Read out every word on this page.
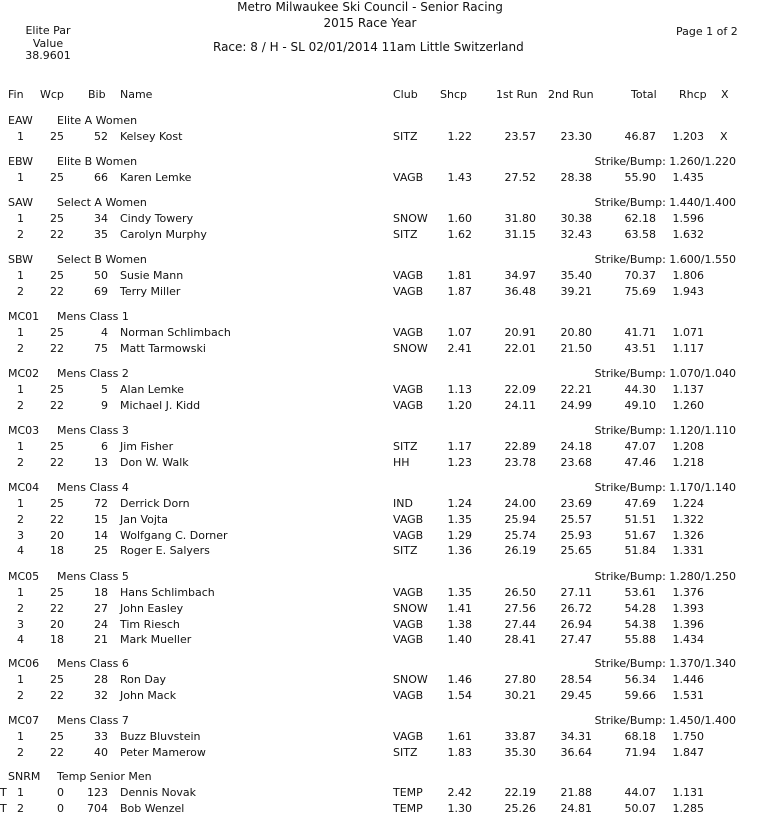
Metro Milwaukee Ski Council - Senior Racing
2015 Race Year
Race: 8 / H - SL 02/01/2014 11am Little Switzerland
Elite Par
Value
38.9601
Page 1 of 2
Fin Wcp Bib Name	Club Shcp	1st Run 2nd Run	Total Rhcp X
EAW Elite A Women
1	25	52 Kelsey Kost	SITZ	1.22	23.57	23.30	46.87 1.203 X
EBW Elite B Women	Strike/Bump: 1.260/1.220
1	25	66 Karen Lemke	VAGB	1.43	27.52	28.38	55.90 1.435
SAW Select A Women	Strike/Bump: 1.440/1.400
1	25	34 Cindy Towery	SNOW	1.60	31.80	30.38	62.18 1.596
2	22	35 Carolyn Murphy	SITZ	1.62	31.15	32.43	63.58 1.632
SBW Select B Women	Strike/Bump: 1.600/1.550
1	25	50 Susie Mann	VAGB	1.81	34.97	35.40	70.37 1.806
2	22	69 Terry Miller	VAGB	1.87	36.48	39.21	75.69 1.943
MC01 Mens Class 1
1	25	4 Norman Schlimbach	VAGB	1.07	20.91	20.80	41.71 1.071
2	22	75 Matt Tarmowski	SNOW	2.41	22.01	21.50	43.51 1.117
MC02 Mens Class 2	Strike/Bump: 1.070/1.040
1	25	5 Alan Lemke	VAGB	1.13	22.09	22.21	44.30 1.137
2	22	9 Michael J. Kidd	VAGB	1.20	24.11	24.99	49.10 1.260
MC03 Mens Class 3	Strike/Bump: 1.120/1.110
1	25	6 Jim Fisher	SITZ	1.17	22.89	24.18	47.07 1.208
2	22	13 Don W. Walk	HH	1.23	23.78	23.68	47.46 1.218
MC04 Mens Class 4	Strike/Bump: 1.170/1.140
1	25	72 Derrick Dorn	IND	1.24	24.00	23.69	47.69 1.224
2	22	15 Jan Vojta	VAGB	1.35	25.94	25.57	51.51 1.322
3	20	14 Wolfgang C. Dorner	VAGB	1.29	25.74	25.93	51.67 1.326
4	18	25 Roger E. Salyers	SITZ	1.36	26.19	25.65	51.84 1.331
MC05 Mens Class 5	Strike/Bump: 1.280/1.250
1	25	18 Hans Schlimbach	VAGB	1.35	26.50	27.11	53.61 1.376
2	22	27 John Easley	SNOW	1.41	27.56	26.72	54.28 1.393
3	20	24 Tim Riesch	VAGB	1.38	27.44	26.94	54.38 1.396
4	18	21 Mark Mueller	VAGB	1.40	28.41	27.47	55.88 1.434
MC06 Mens Class 6	Strike/Bump: 1.370/1.340
1	25	28 Ron Day	SNOW	1.46	27.80	28.54	56.34 1.446
2	22	32 John Mack	VAGB	1.54	30.21	29.45	59.66 1.531
MC07 Mens Class 7	Strike/Bump: 1.450/1.400
1	25	33 Buzz Bluvstein	VAGB	1.61	33.87	34.31	68.18 1.750
2	22	40 Peter Mamerow	SITZ	1.83	35.30	36.64	71.94 1.847
SNRM Temp Senior Men
T 1	0	123 Dennis Novak	TEMP	2.42	22.19	21.88	44.07 1.131
T 2	0	704 Bob Wenzel	TEMP	1.30	25.26	24.81	50.07 1.285
